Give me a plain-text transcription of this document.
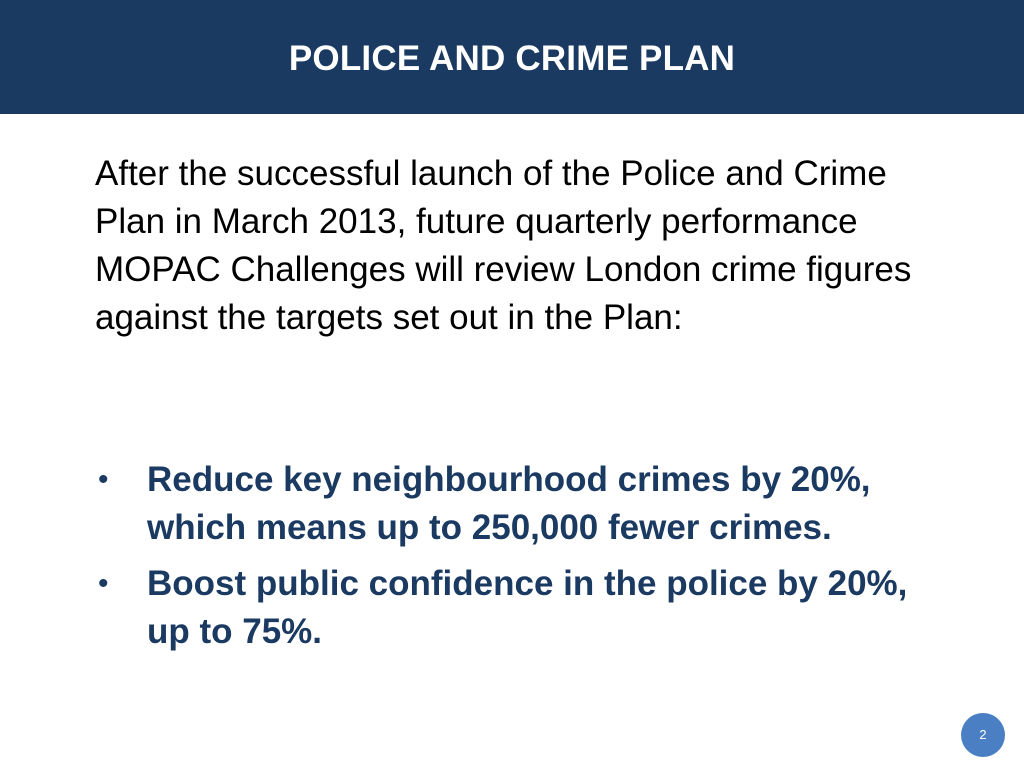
POLICE AND CRIME PLAN

After the successful launch of the Police and Crime Plan in March 2013, future quarterly performance MOPAC Challenges will review London crime figures against the targets set out in the Plan:

• Reduce key neighbourhood crimes by 20%, which means up to 250,000 fewer crimes.
• Boost public confidence in the police by 20%, up to 75%.
2
